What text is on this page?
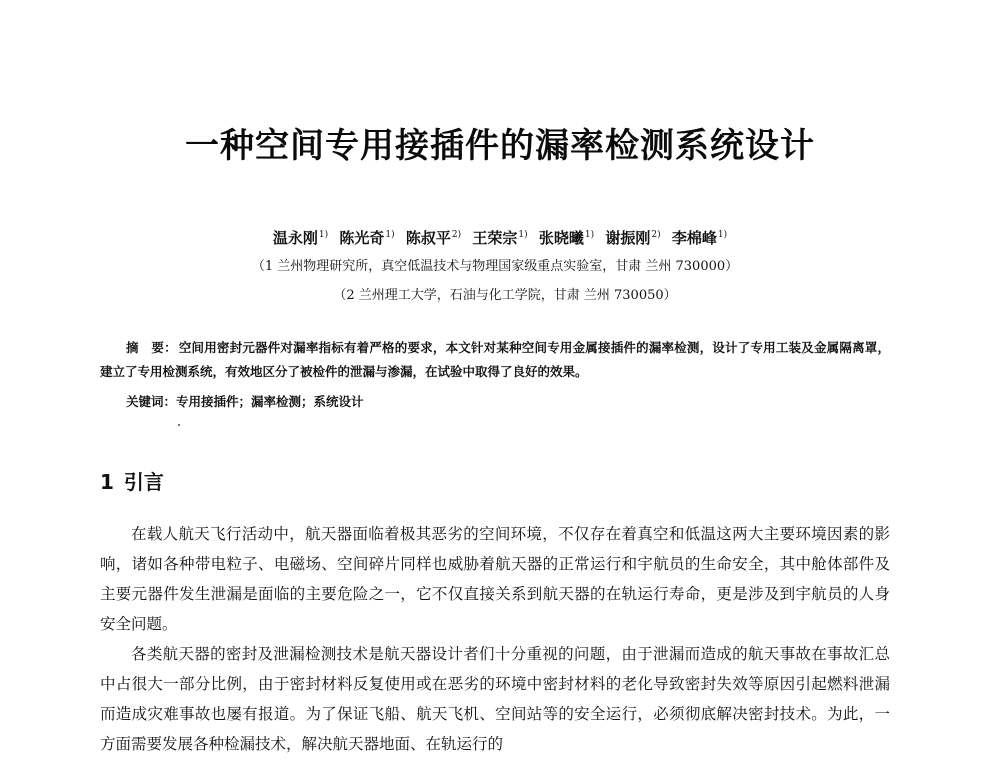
一种空间专用接插件的漏率检测系统设计
温永刚$^{1)}$ 陈光奇$^{1)}$ 陈叔平$^{2)}$ 王荣宗$^{1)}$ 张晓曦$^{1)}$ 谢振刚$^{2)}$ 李棉峰$^{1)}$
（1 兰州物理研究所，真空低温技术与物理国家级重点实验室，甘肃 兰州 730000）
（2 兰州理工大学，石油与化工学院，甘肃 兰州 730050）
摘　要： 空间用密封元器件对漏率指标有着严格的要求，本文针对某种空间专用金属接插件的漏率检测，设计了专用工装及金属隔离罩，建立了专用检测系统，有效地区分了被检件的泄漏与渗漏，在试验中取得了良好的效果。
关键词：专用接插件；漏率检测；系统设计
1 引言

在载人航天飞行活动中，航天器面临着极其恶劣的空间环境，不仅存在着真空和低温这两大主要环境因素的影响，诸如各种带电粒子、电磁场、空间碎片同样也威胁着航天器的正常运行和宇航员的生命安全，其中舱体部件及主要元器件发生泄漏是面临的主要危险之一，它不仅直接关系到航天器的在轨运行寿命，更是涉及到宇航员的人身安全问题。

各类航天器的密封及泄漏检测技术是航天器设计者们十分重视的问题，由于泄漏而造成的航天事故在事故汇总中占很大一部分比例，由于密封材料反复使用或在恶劣的环境中密封材料的老化导致密封失效等原因引起燃料泄漏而造成灾难事故也屡有报道。为了保证飞船、航天飞机、空间站等的安全运行，必须彻底解决密封技术。为此，一方面需要发展各种检漏技术，解决航天器地面、在轨运行的
